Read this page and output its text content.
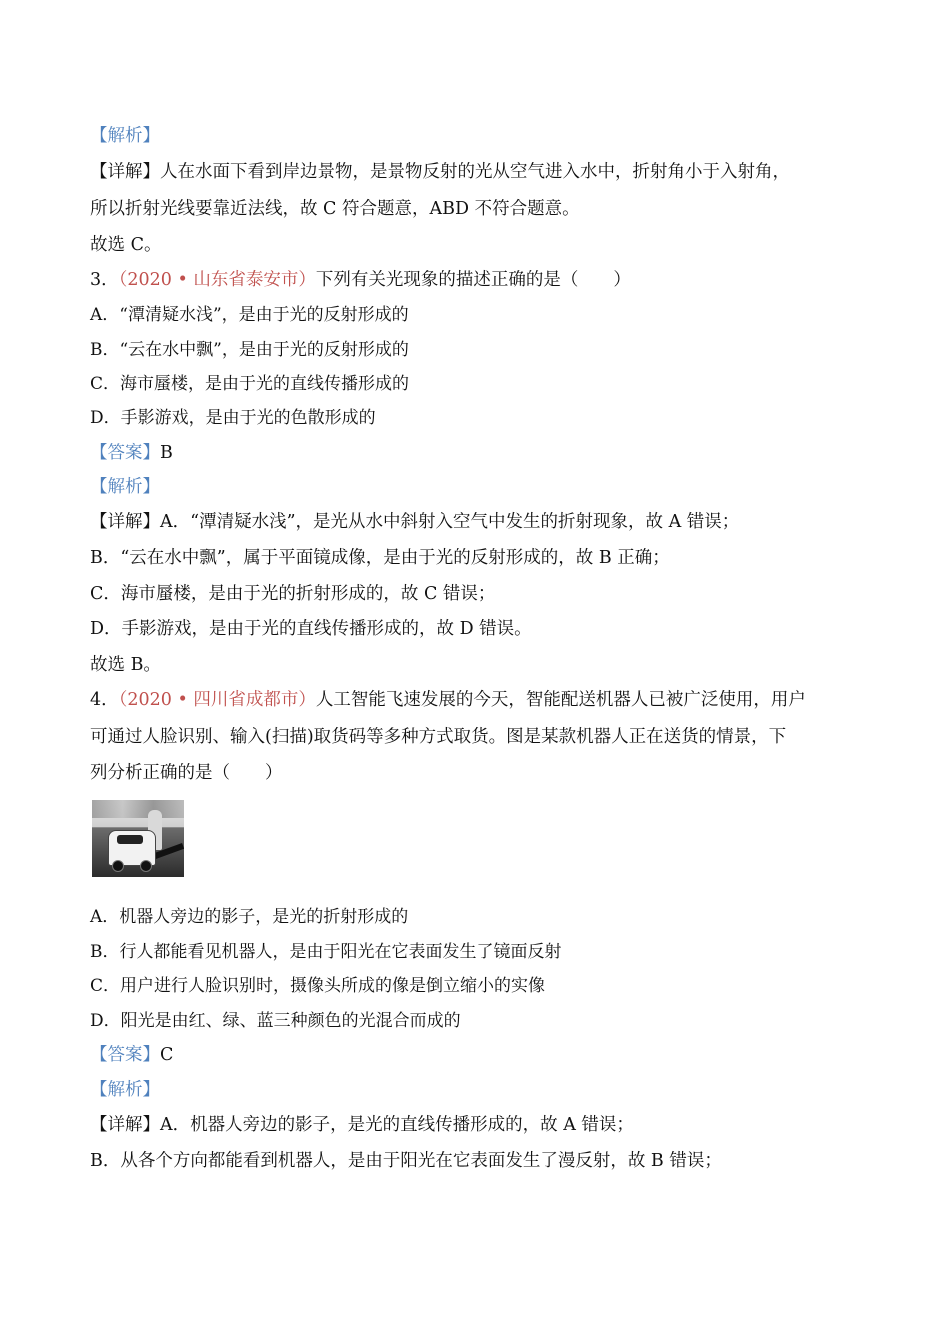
【解析】
【详解】人在水面下看到岸边景物，是景物反射的光从空气进入水中，折射角小于入射角，
所以折射光线要靠近法线，故 C 符合题意，ABD 不符合题意。
故选 C。
3．（2020 • 山东省泰安市）下列有关光现象的描述正确的是（　　）
A．“潭清疑水浅”，是由于光的反射形成的
B．“云在水中飘”，是由于光的反射形成的
C．海市蜃楼，是由于光的直线传播形成的
D．手影游戏，是由于光的色散形成的
【答案】B
【解析】
【详解】A．“潭清疑水浅”，是光从水中斜射入空气中发生的折射现象，故 A 错误；
B．“云在水中飘”，属于平面镜成像，是由于光的反射形成的，故 B 正确；
C．海市蜃楼，是由于光的折射形成的，故 C 错误；
D．手影游戏，是由于光的直线传播形成的，故 D 错误。
故选 B。
4．（2020 • 四川省成都市）人工智能飞速发展的今天，智能配送机器人已被广泛使用，用户
可通过人脸识别、输入(扫描)取货码等多种方式取货。图是某款机器人正在送货的情景，下
列分析正确的是（　　）
A．机器人旁边的影子，是光的折射形成的
B．行人都能看见机器人，是由于阳光在它表面发生了镜面反射
C．用户进行人脸识别时，摄像头所成的像是倒立缩小的实像
D．阳光是由红、绿、蓝三种颜色的光混合而成的
【答案】C
【解析】
【详解】A．机器人旁边的影子，是光的直线传播形成的，故 A 错误；
B．从各个方向都能看到机器人，是由于阳光在它表面发生了漫反射，故 B 错误；
